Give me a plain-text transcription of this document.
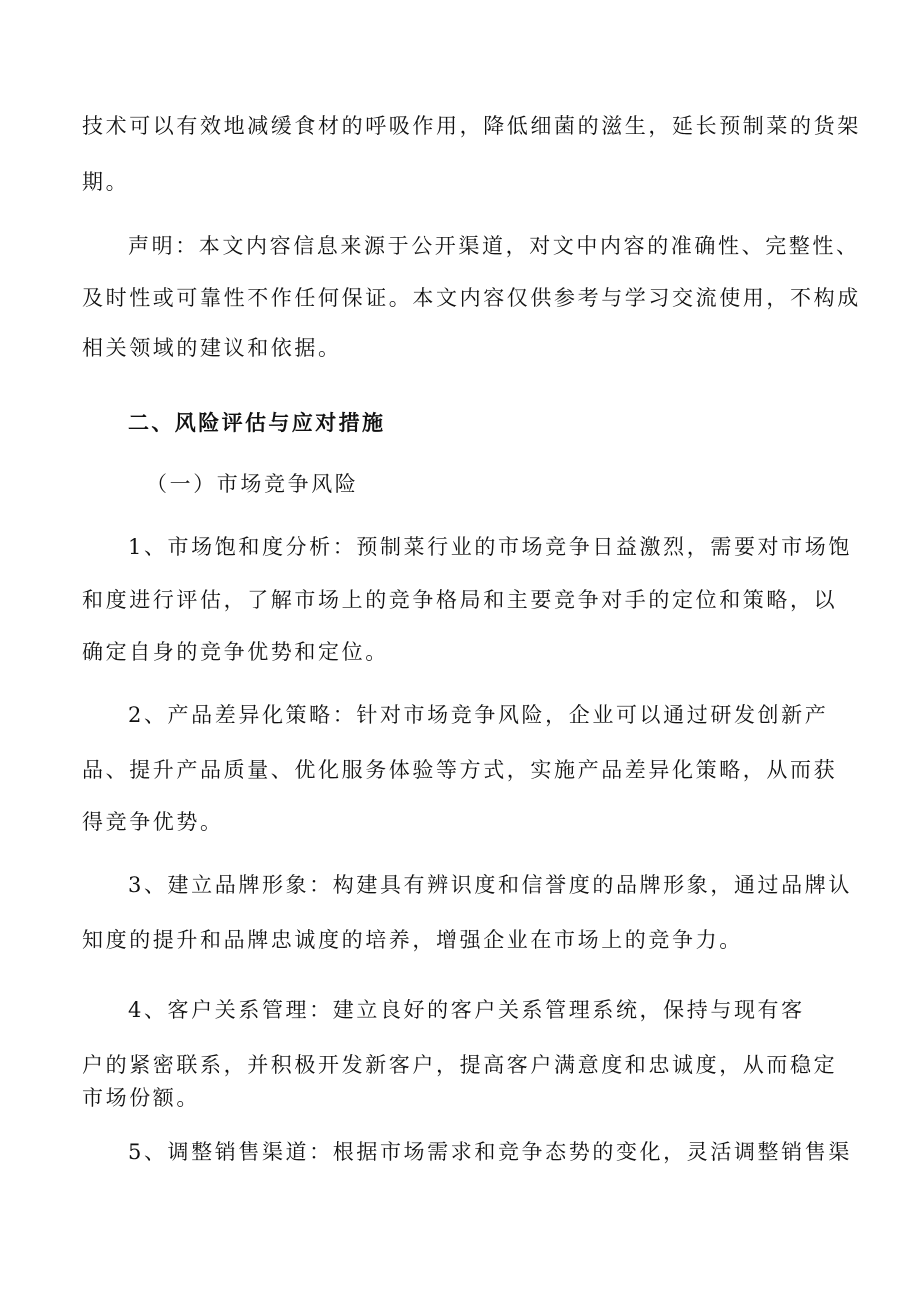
技术可以有效地减缓食材的呼吸作用，降低细菌的滋生，延长预制菜的货架
期。
声明：本文内容信息来源于公开渠道，对文中内容的准确性、完整性、
及时性或可靠性不作任何保证。本文内容仅供参考与学习交流使用，不构成
相关领域的建议和依据。
二、风险评估与应对措施
（一）市场竞争风险
1、市场饱和度分析：预制菜行业的市场竞争日益激烈，需要对市场饱
和度进行评估，了解市场上的竞争格局和主要竞争对手的定位和策略，以
确定自身的竞争优势和定位。
2、产品差异化策略：针对市场竞争风险，企业可以通过研发创新产
品、提升产品质量、优化服务体验等方式，实施产品差异化策略，从而获
得竞争优势。
3、建立品牌形象：构建具有辨识度和信誉度的品牌形象，通过品牌认
知度的提升和品牌忠诚度的培养，增强企业在市场上的竞争力。
4、客户关系管理：建立良好的客户关系管理系统，保持与现有客
户的紧密联系，并积极开发新客户，提高客户满意度和忠诚度，从而稳定
市场份额。
5、调整销售渠道：根据市场需求和竞争态势的变化，灵活调整销售渠
